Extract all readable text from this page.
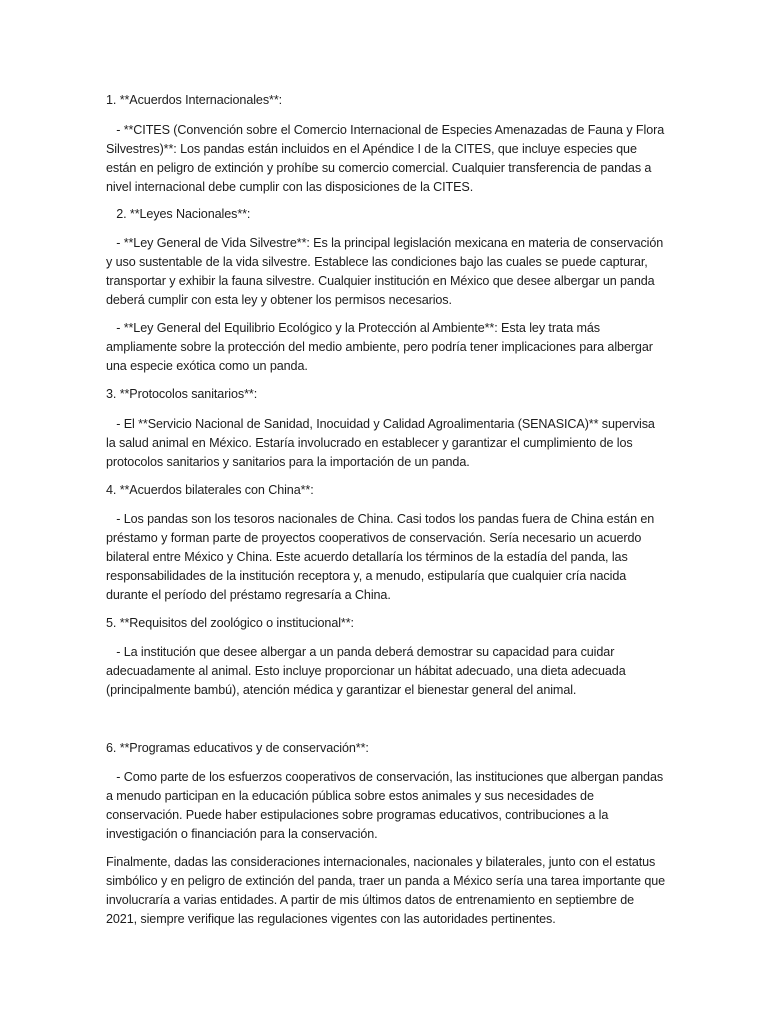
1. **Acuerdos Internacionales**:

- **CITES (Convención sobre el Comercio Internacional de Especies Amenazadas de Fauna y Flora Silvestres)**: Los pandas están incluidos en el Apéndice I de la CITES, que incluye especies que están en peligro de extinción y prohíbe su comercio comercial. Cualquier transferencia de pandas a nivel internacional debe cumplir con las disposiciones de la CITES.

2. **Leyes Nacionales**:

- **Ley General de Vida Silvestre**: Es la principal legislación mexicana en materia de conservación y uso sustentable de la vida silvestre. Establece las condiciones bajo las cuales se puede capturar, transportar y exhibir la fauna silvestre. Cualquier institución en México que desee albergar un panda deberá cumplir con esta ley y obtener los permisos necesarios.

- **Ley General del Equilibrio Ecológico y la Protección al Ambiente**: Esta ley trata más ampliamente sobre la protección del medio ambiente, pero podría tener implicaciones para albergar una especie exótica como un panda.

3. **Protocolos sanitarios**:

- El **Servicio Nacional de Sanidad, Inocuidad y Calidad Agroalimentaria (SENASICA)** supervisa la salud animal en México. Estaría involucrado en establecer y garantizar el cumplimiento de los protocolos sanitarios y sanitarios para la importación de un panda.

4. **Acuerdos bilaterales con China**:

- Los pandas son los tesoros nacionales de China. Casi todos los pandas fuera de China están en préstamo y forman parte de proyectos cooperativos de conservación. Sería necesario un acuerdo bilateral entre México y China. Este acuerdo detallaría los términos de la estadía del panda, las responsabilidades de la institución receptora y, a menudo, estipularía que cualquier cría nacida durante el período del préstamo regresaría a China.

5. **Requisitos del zoológico o institucional**:

- La institución que desee albergar a un panda deberá demostrar su capacidad para cuidar adecuadamente al animal. Esto incluye proporcionar un hábitat adecuado, una dieta adecuada (principalmente bambú), atención médica y garantizar el bienestar general del animal.

6. **Programas educativos y de conservación**:

- Como parte de los esfuerzos cooperativos de conservación, las instituciones que albergan pandas a menudo participan en la educación pública sobre estos animales y sus necesidades de conservación. Puede haber estipulaciones sobre programas educativos, contribuciones a la investigación o financiación para la conservación.

Finalmente, dadas las consideraciones internacionales, nacionales y bilaterales, junto con el estatus simbólico y en peligro de extinción del panda, traer un panda a México sería una tarea importante que involucraría a varias entidades. A partir de mis últimos datos de entrenamiento en septiembre de 2021, siempre verifique las regulaciones vigentes con las autoridades pertinentes.
